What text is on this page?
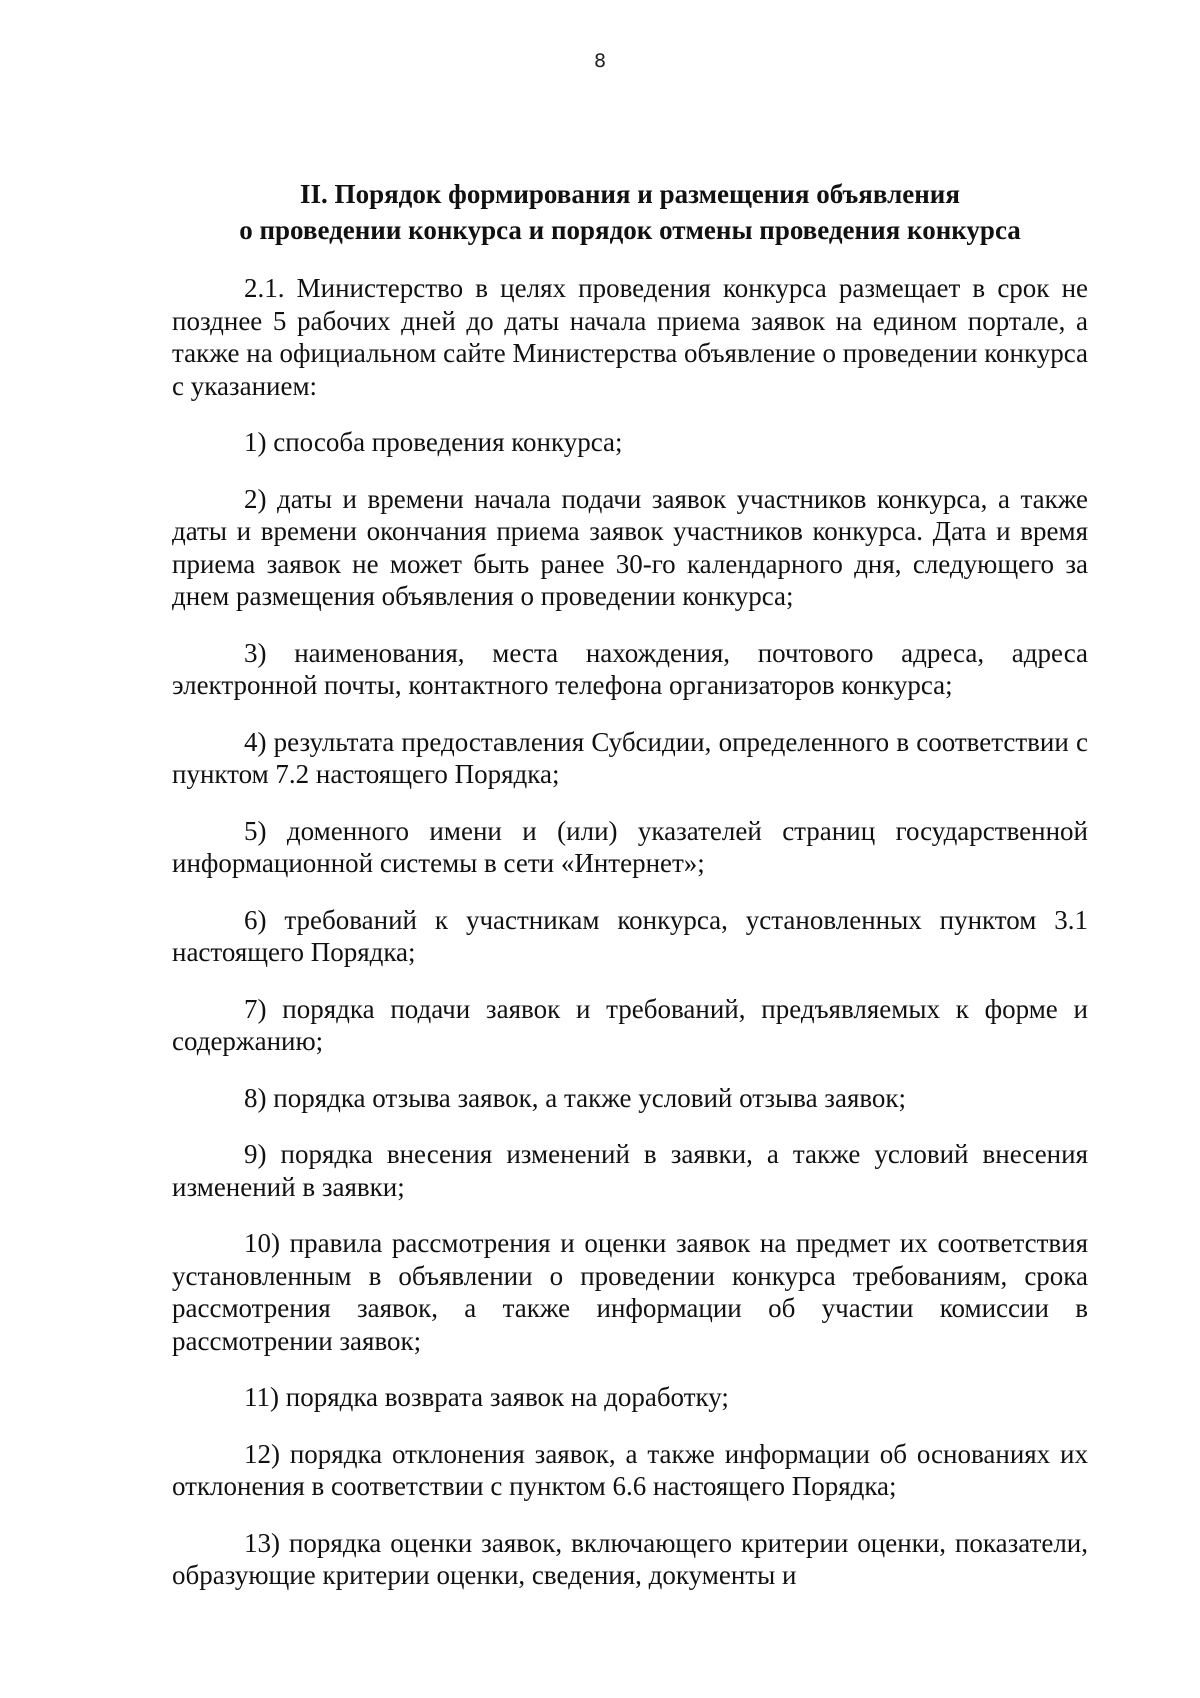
8
II. Порядок формирования и размещения объявления
о проведении конкурса и порядок отмены проведения конкурса

2.1. Министерство в целях проведения конкурса размещает в срок не позднее 5 рабочих дней до даты начала приема заявок на едином портале, а также на официальном сайте Министерства объявление о проведении конкурса с указанием:

1) способа проведения конкурса;

2) даты и времени начала подачи заявок участников конкурса, а также даты и времени окончания приема заявок участников конкурса. Дата и время приема заявок не может быть ранее 30-го календарного дня, следующего за днем размещения объявления о проведении конкурса;

3) наименования, места нахождения, почтового адреса, адреса электронной почты, контактного телефона организаторов конкурса;

4) результата предоставления Субсидии, определенного в соответствии с пунктом 7.2 настоящего Порядка;

5) доменного имени и (или) указателей страниц государственной информационной системы в сети «Интернет»;

6) требований к участникам конкурса, установленных пунктом 3.1 настоящего Порядка;

7) порядка подачи заявок и требований, предъявляемых к форме и содержанию;

8) порядка отзыва заявок, а также условий отзыва заявок;

9) порядка внесения изменений в заявки, а также условий внесения изменений в заявки;

10) правила рассмотрения и оценки заявок на предмет их соответствия установленным в объявлении о проведении конкурса требованиям, срока рассмотрения заявок, а также информации об участии комиссии в рассмотрении заявок;

11) порядка возврата заявок на доработку;

12) порядка отклонения заявок, а также информации об основаниях их отклонения в соответствии с пунктом 6.6 настоящего Порядка;

13) порядка оценки заявок, включающего критерии оценки, показатели, образующие критерии оценки, сведения, документы и
